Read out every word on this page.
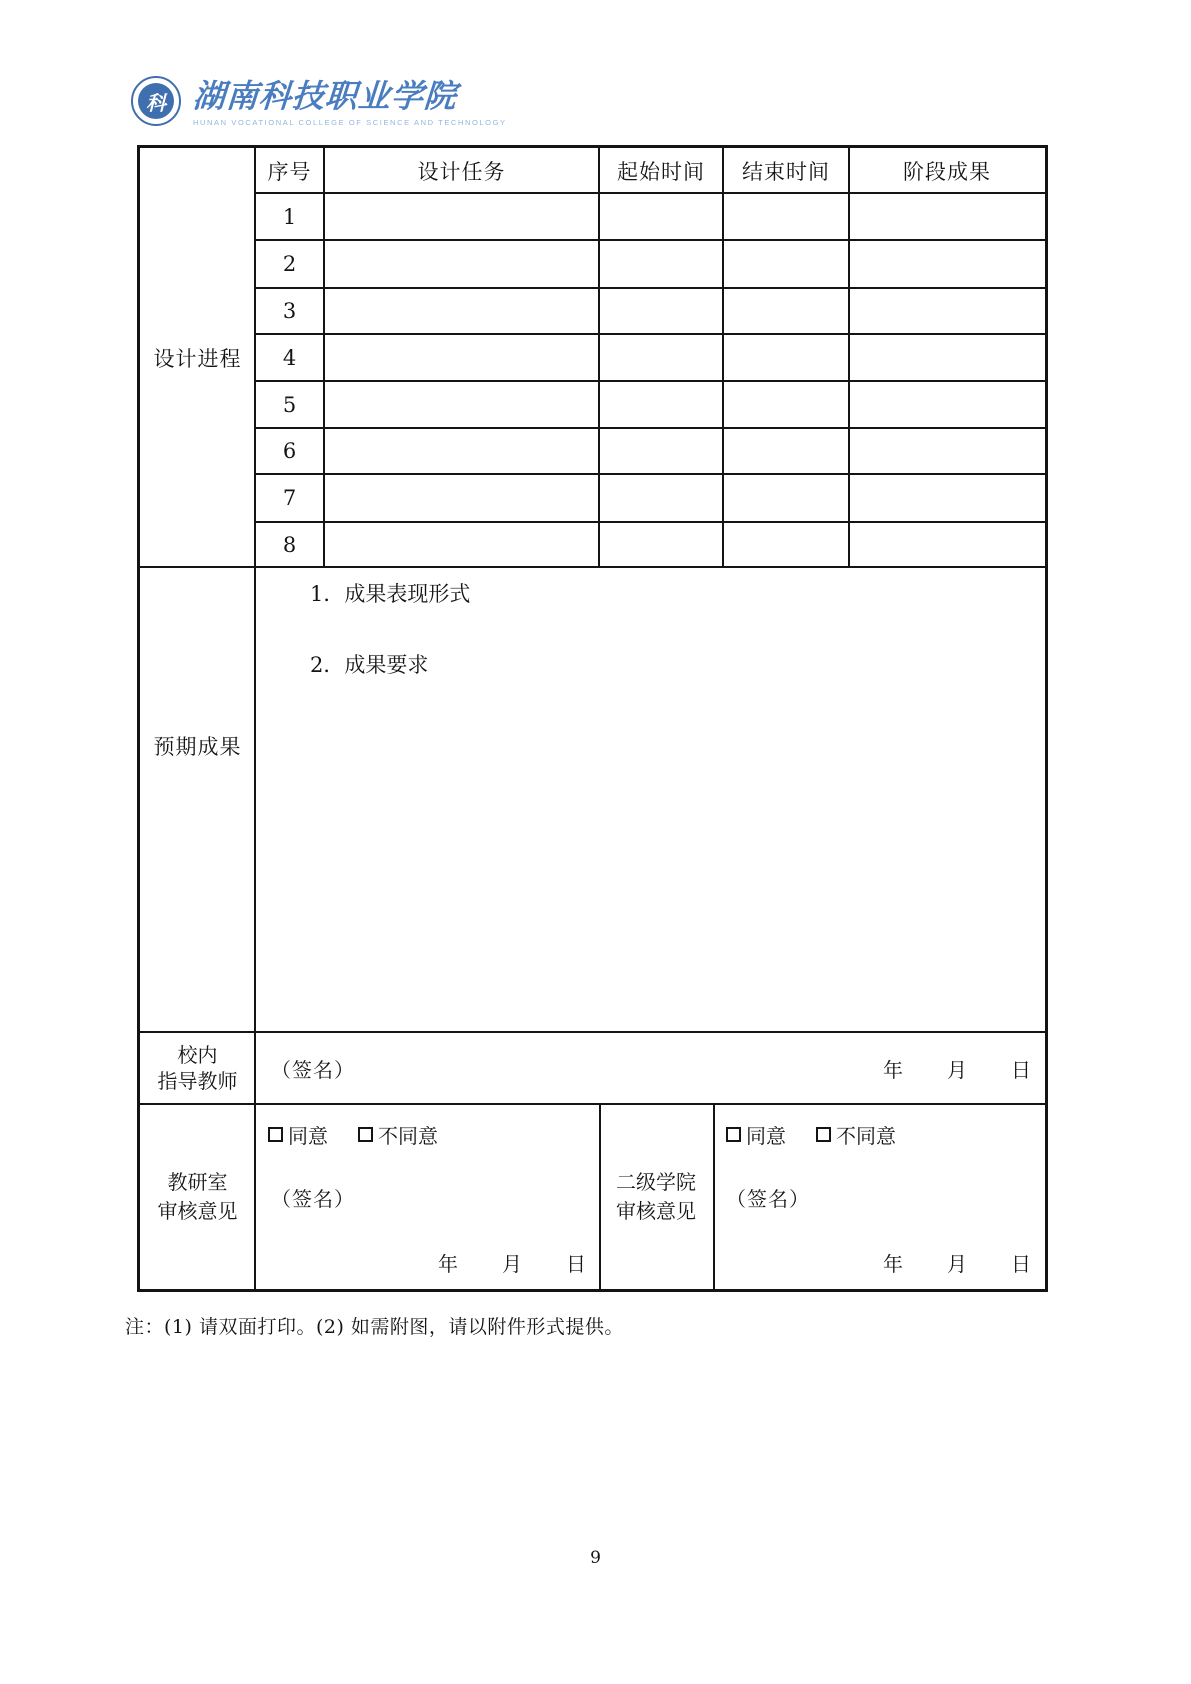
科 湖南科技职业学院
HUNAN VOCATIONAL COLLEGE OF SCIENCE AND TECHNOLOGY
序号	设计任务	起始时间	结束时间	阶段成果
1
2
3
4
5
6
7
8
设计进程
预期成果
1．成果表现形式
2．成果要求
校内
指导教师 （签名）	年 月 日
教研室
审核意见
同意	不同意
（签名）
年 月 日
二级学院
审核意见
同意	不同意
（签名）
年 月 日
注：(1) 请双面打印。(2) 如需附图，请以附件形式提供。
9
